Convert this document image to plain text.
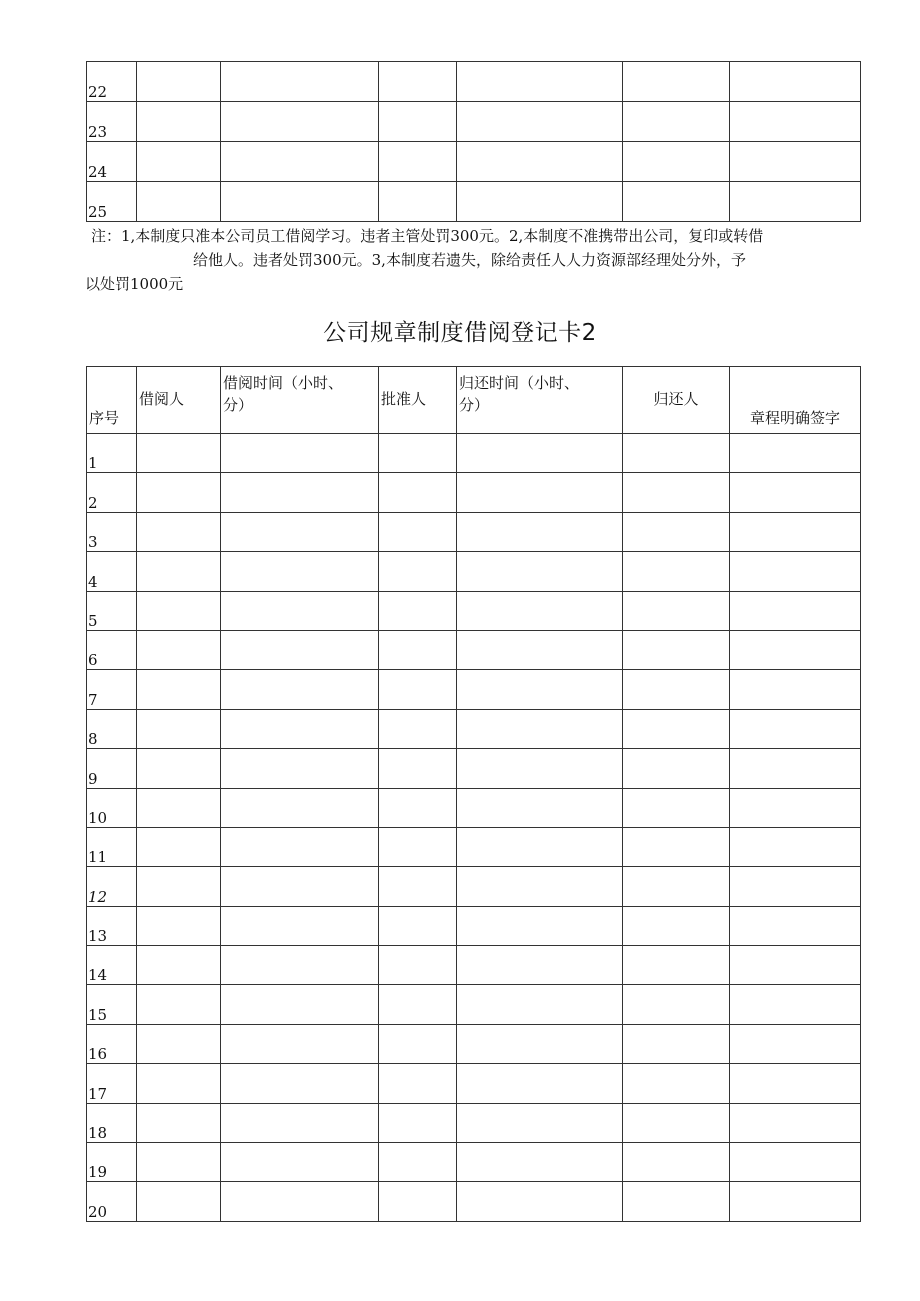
22						

23						

24						

25						

注：1,本制度只准本公司员工借阅学习。违者主管处罚300元。2,本制度不准携带出公司，复印或转借
给他人。违者处罚300元。3,本制度若遗失，除给责任人人力资源部经理处分外，予
以处罚1000元

公司规章制度借阅登记卡2
序号	借阅人	借阅时间（小时、
分）	批准人	归还时间（小时、
分）	归还人	章程明确签字

1						

2						

3						

4						

5						

6						

7						

8						

9						

10						

11						

12						

13						

14						

15						

16						

17						

18						

19						

20						
